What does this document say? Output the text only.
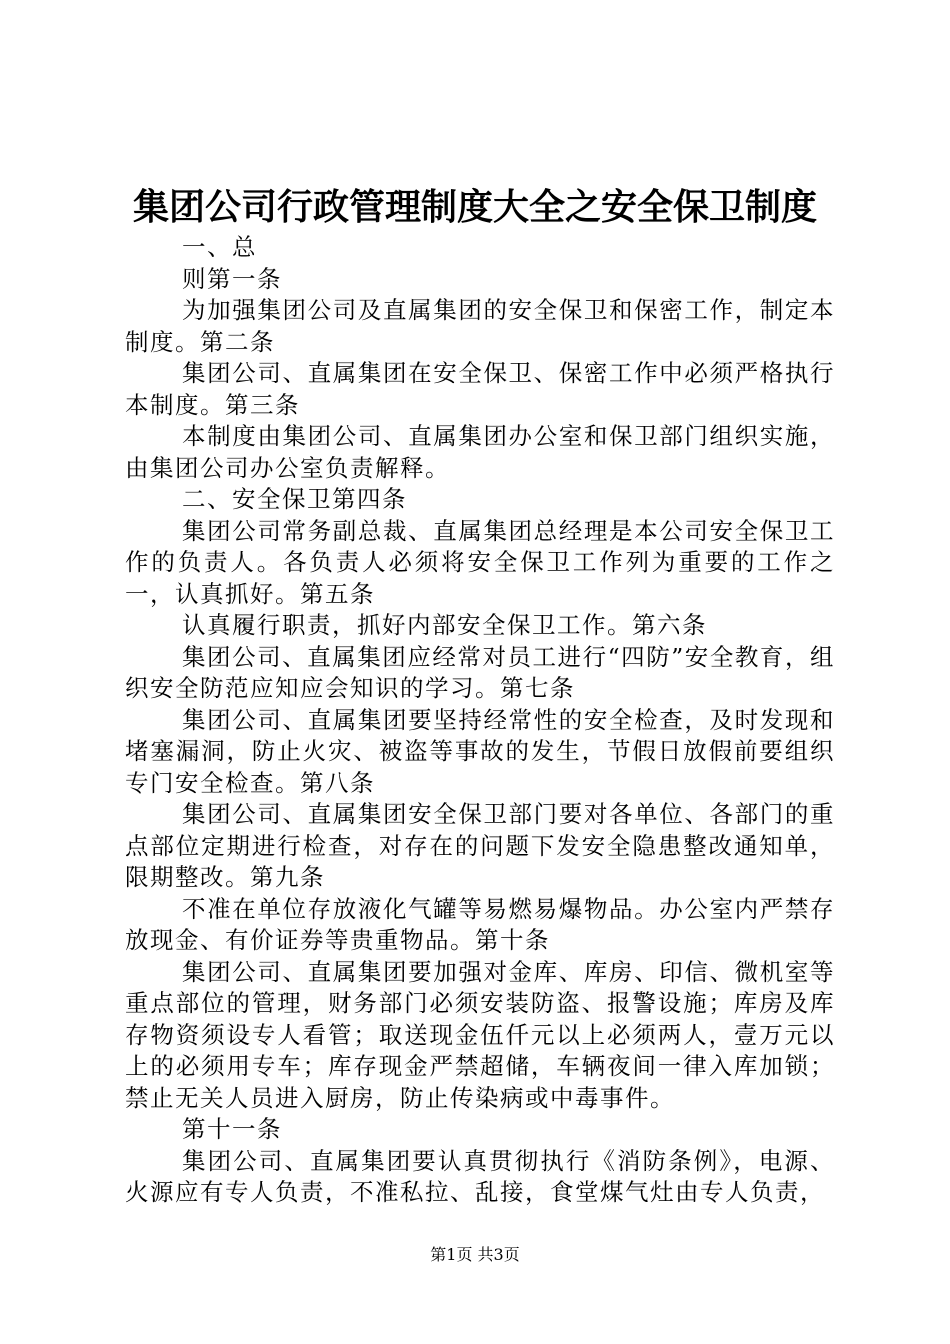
集团公司行政管理制度大全之安全保卫制度

一、总

则第一条

为加强集团公司及直属集团的安全保卫和保密工作，制定本制度。第二条

集团公司、直属集团在安全保卫、保密工作中必须严格执行本制度。第三条

本制度由集团公司、直属集团办公室和保卫部门组织实施，由集团公司办公室负责解释。

二、安全保卫第四条

集团公司常务副总裁、直属集团总经理是本公司安全保卫工作的负责人。各负责人必须将安全保卫工作列为重要的工作之一，认真抓好。第五条

认真履行职责，抓好内部安全保卫工作。第六条

集团公司、直属集团应经常对员工进行“四防”安全教育，组织安全防范应知应会知识的学习。第七条

集团公司、直属集团要坚持经常性的安全检查，及时发现和堵塞漏洞，防止火灾、被盗等事故的发生，节假日放假前要组织专门安全检查。第八条

集团公司、直属集团安全保卫部门要对各单位、各部门的重点部位定期进行检查，对存在的问题下发安全隐患整改通知单，限期整改。第九条

不准在单位存放液化气罐等易燃易爆物品。办公室内严禁存放现金、有价证券等贵重物品。第十条

集团公司、直属集团要加强对金库、库房、印信、微机室等重点部位的管理，财务部门必须安装防盗、报警设施；库房及库存物资须设专人看管；取送现金伍仟元以上必须两人，壹万元以上的必须用专车；库存现金严禁超储，车辆夜间一律入库加锁；禁止无关人员进入厨房，防止传染病或中毒事件。

第十一条

集团公司、直属集团要认真贯彻执行《消防条例》，电源、火源应有专人负责，不准私拉、乱接，食堂煤气灶由专人负责，

第1页 共3页
